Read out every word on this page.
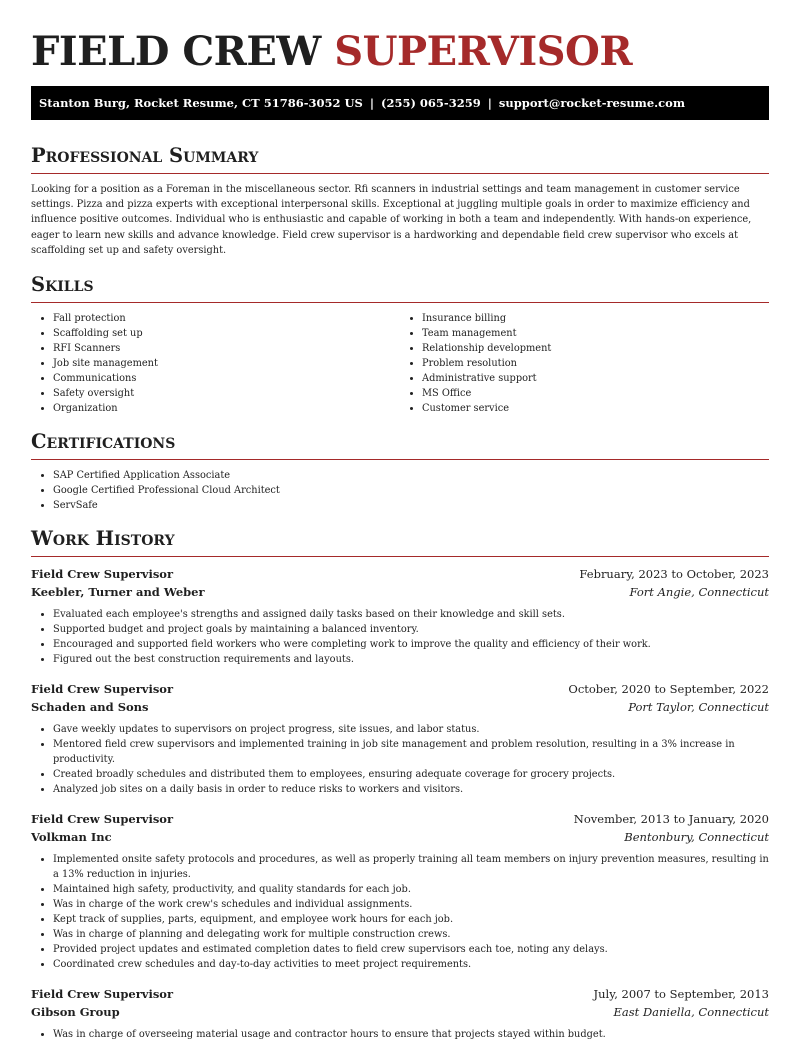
FIELD CREW SUPERVISOR
Stanton Burg, Rocket Resume, CT 51786-3052 US | (255) 065-3259 | support@rocket-resume.com
Professional Summary

Looking for a position as a Foreman in the miscellaneous sector. Rfi scanners in industrial settings and team management in customer service settings. Pizza and pizza experts with exceptional interpersonal skills. Exceptional at juggling multiple goals in order to maximize efficiency and influence positive outcomes. Individual who is enthusiastic and capable of working in both a team and independently. With hands-on experience, eager to learn new skills and advance knowledge. Field crew supervisor is a hardworking and dependable field crew supervisor who excels at scaffolding set up and safety oversight.

Skills
• Fall protection
• Scaffolding set up
• RFI Scanners
• Job site management
• Communications
• Safety oversight
• Organization
• Insurance billing
• Team management
• Relationship development
• Problem resolution
• Administrative support
• MS Office
• Customer service
Certifications
• SAP Certified Application Associate
• Google Certified Professional Cloud Architect
• ServSafe
Work History
Field Crew Supervisor	February, 2023 to October, 2023
Keebler, Turner and Weber	Fort Angie, Connecticut
• Evaluated each employee's strengths and assigned daily tasks based on their knowledge and skill sets.
• Supported budget and project goals by maintaining a balanced inventory.
• Encouraged and supported field workers who were completing work to improve the quality and efficiency of their work.
• Figured out the best construction requirements and layouts.
Field Crew Supervisor	October, 2020 to September, 2022
Schaden and Sons	Port Taylor, Connecticut
• Gave weekly updates to supervisors on project progress, site issues, and labor status.
• Mentored field crew supervisors and implemented training in job site management and problem resolution, resulting in a 3% increase in productivity.
• Created broadly schedules and distributed them to employees, ensuring adequate coverage for grocery projects.
• Analyzed job sites on a daily basis in order to reduce risks to workers and visitors.
Field Crew Supervisor	November, 2013 to January, 2020
Volkman Inc	Bentonbury, Connecticut
• Implemented onsite safety protocols and procedures, as well as properly training all team members on injury prevention measures, resulting in a 13% reduction in injuries.
• Maintained high safety, productivity, and quality standards for each job.
• Was in charge of the work crew's schedules and individual assignments.
• Kept track of supplies, parts, equipment, and employee work hours for each job.
• Was in charge of planning and delegating work for multiple construction crews.
• Provided project updates and estimated completion dates to field crew supervisors each toe, noting any delays.
• Coordinated crew schedules and day-to-day activities to meet project requirements.
Field Crew Supervisor	July, 2007 to September, 2013
Gibson Group	East Daniella, Connecticut
• Was in charge of overseeing material usage and contractor hours to ensure that projects stayed within budget.
